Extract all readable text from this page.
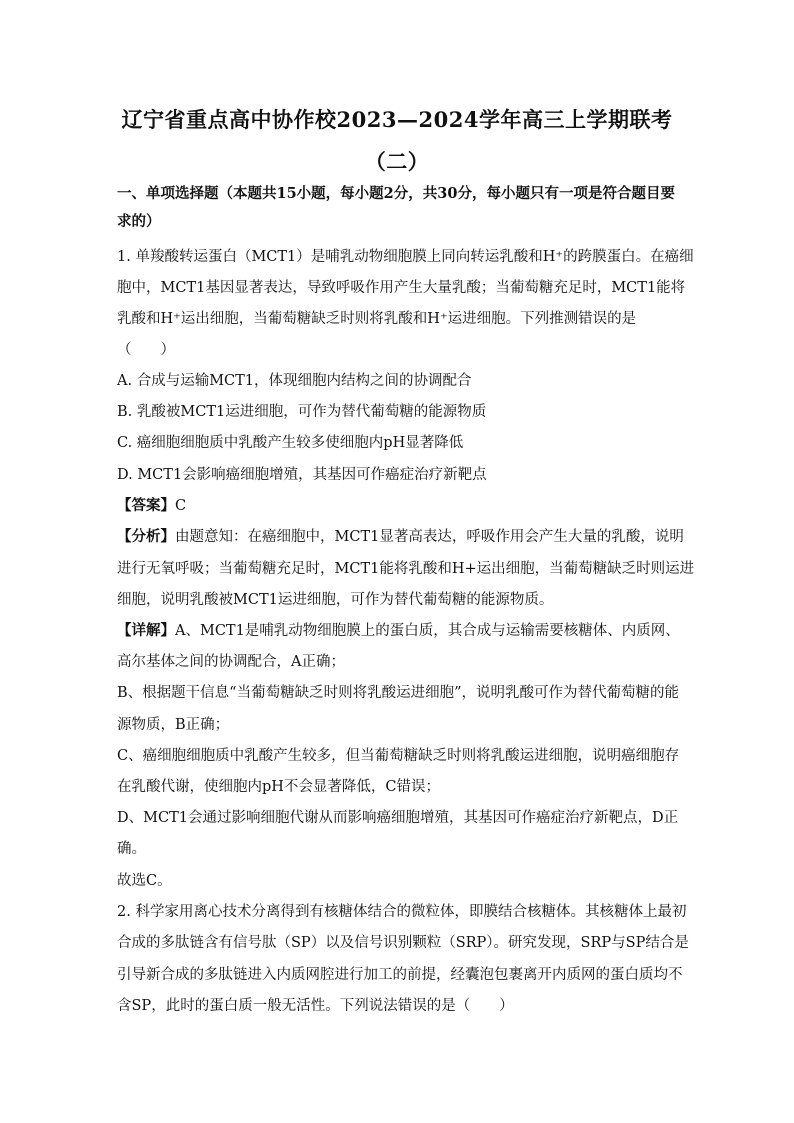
辽宁省重点高中协作校2023—2024学年高三上学期联考
（二）
一、单项选择题（本题共15小题，每小题2分，共30分，每小题只有一项是符合题目要求的）
1. 单羧酸转运蛋白（MCT1）是哺乳动物细胞膜上同向转运乳酸和H⁺的跨膜蛋白。在癌细
胞中，MCT1基因显著表达，导致呼吸作用产生大量乳酸；当葡萄糖充足时，MCT1能将
乳酸和H⁺运出细胞，当葡萄糖缺乏时则将乳酸和H⁺运进细胞。下列推测错误的是
（　　）
A. 合成与运输MCT1，体现细胞内结构之间的协调配合
B. 乳酸被MCT1运进细胞，可作为替代葡萄糖的能源物质
C. 癌细胞细胞质中乳酸产生较多使细胞内pH显著降低
D. MCT1会影响癌细胞增殖，其基因可作癌症治疗新靶点
【答案】C
【分析】由题意知：在癌细胞中，MCT1显著高表达，呼吸作用会产生大量的乳酸，说明
进行无氧呼吸；当葡萄糖充足时，MCT1能将乳酸和H+运出细胞，当葡萄糖缺乏时则运进
细胞，说明乳酸被MCT1运进细胞，可作为替代葡萄糖的能源物质。
【详解】A、MCT1是哺乳动物细胞膜上的蛋白质，其合成与运输需要核糖体、内质网、
高尔基体之间的协调配合，A正确；
B、根据题干信息“当葡萄糖缺乏时则将乳酸运进细胞”，说明乳酸可作为替代葡萄糖的能
源物质，B正确；
C、癌细胞细胞质中乳酸产生较多，但当葡萄糖缺乏时则将乳酸运进细胞，说明癌细胞存
在乳酸代谢，使细胞内pH不会显著降低，C错误；
D、MCT1会通过影响细胞代谢从而影响癌细胞增殖，其基因可作癌症治疗新靶点，D正
确。
故选C。
2. 科学家用离心技术分离得到有核糖体结合的微粒体，即膜结合核糖体。其核糖体上最初
合成的多肽链含有信号肽（SP）以及信号识别颗粒（SRP）。研究发现，SRP与SP结合是
引导新合成的多肽链进入内质网腔进行加工的前提，经囊泡包裹离开内质网的蛋白质均不
含SP，此时的蛋白质一般无活性。下列说法错误的是（　　）
